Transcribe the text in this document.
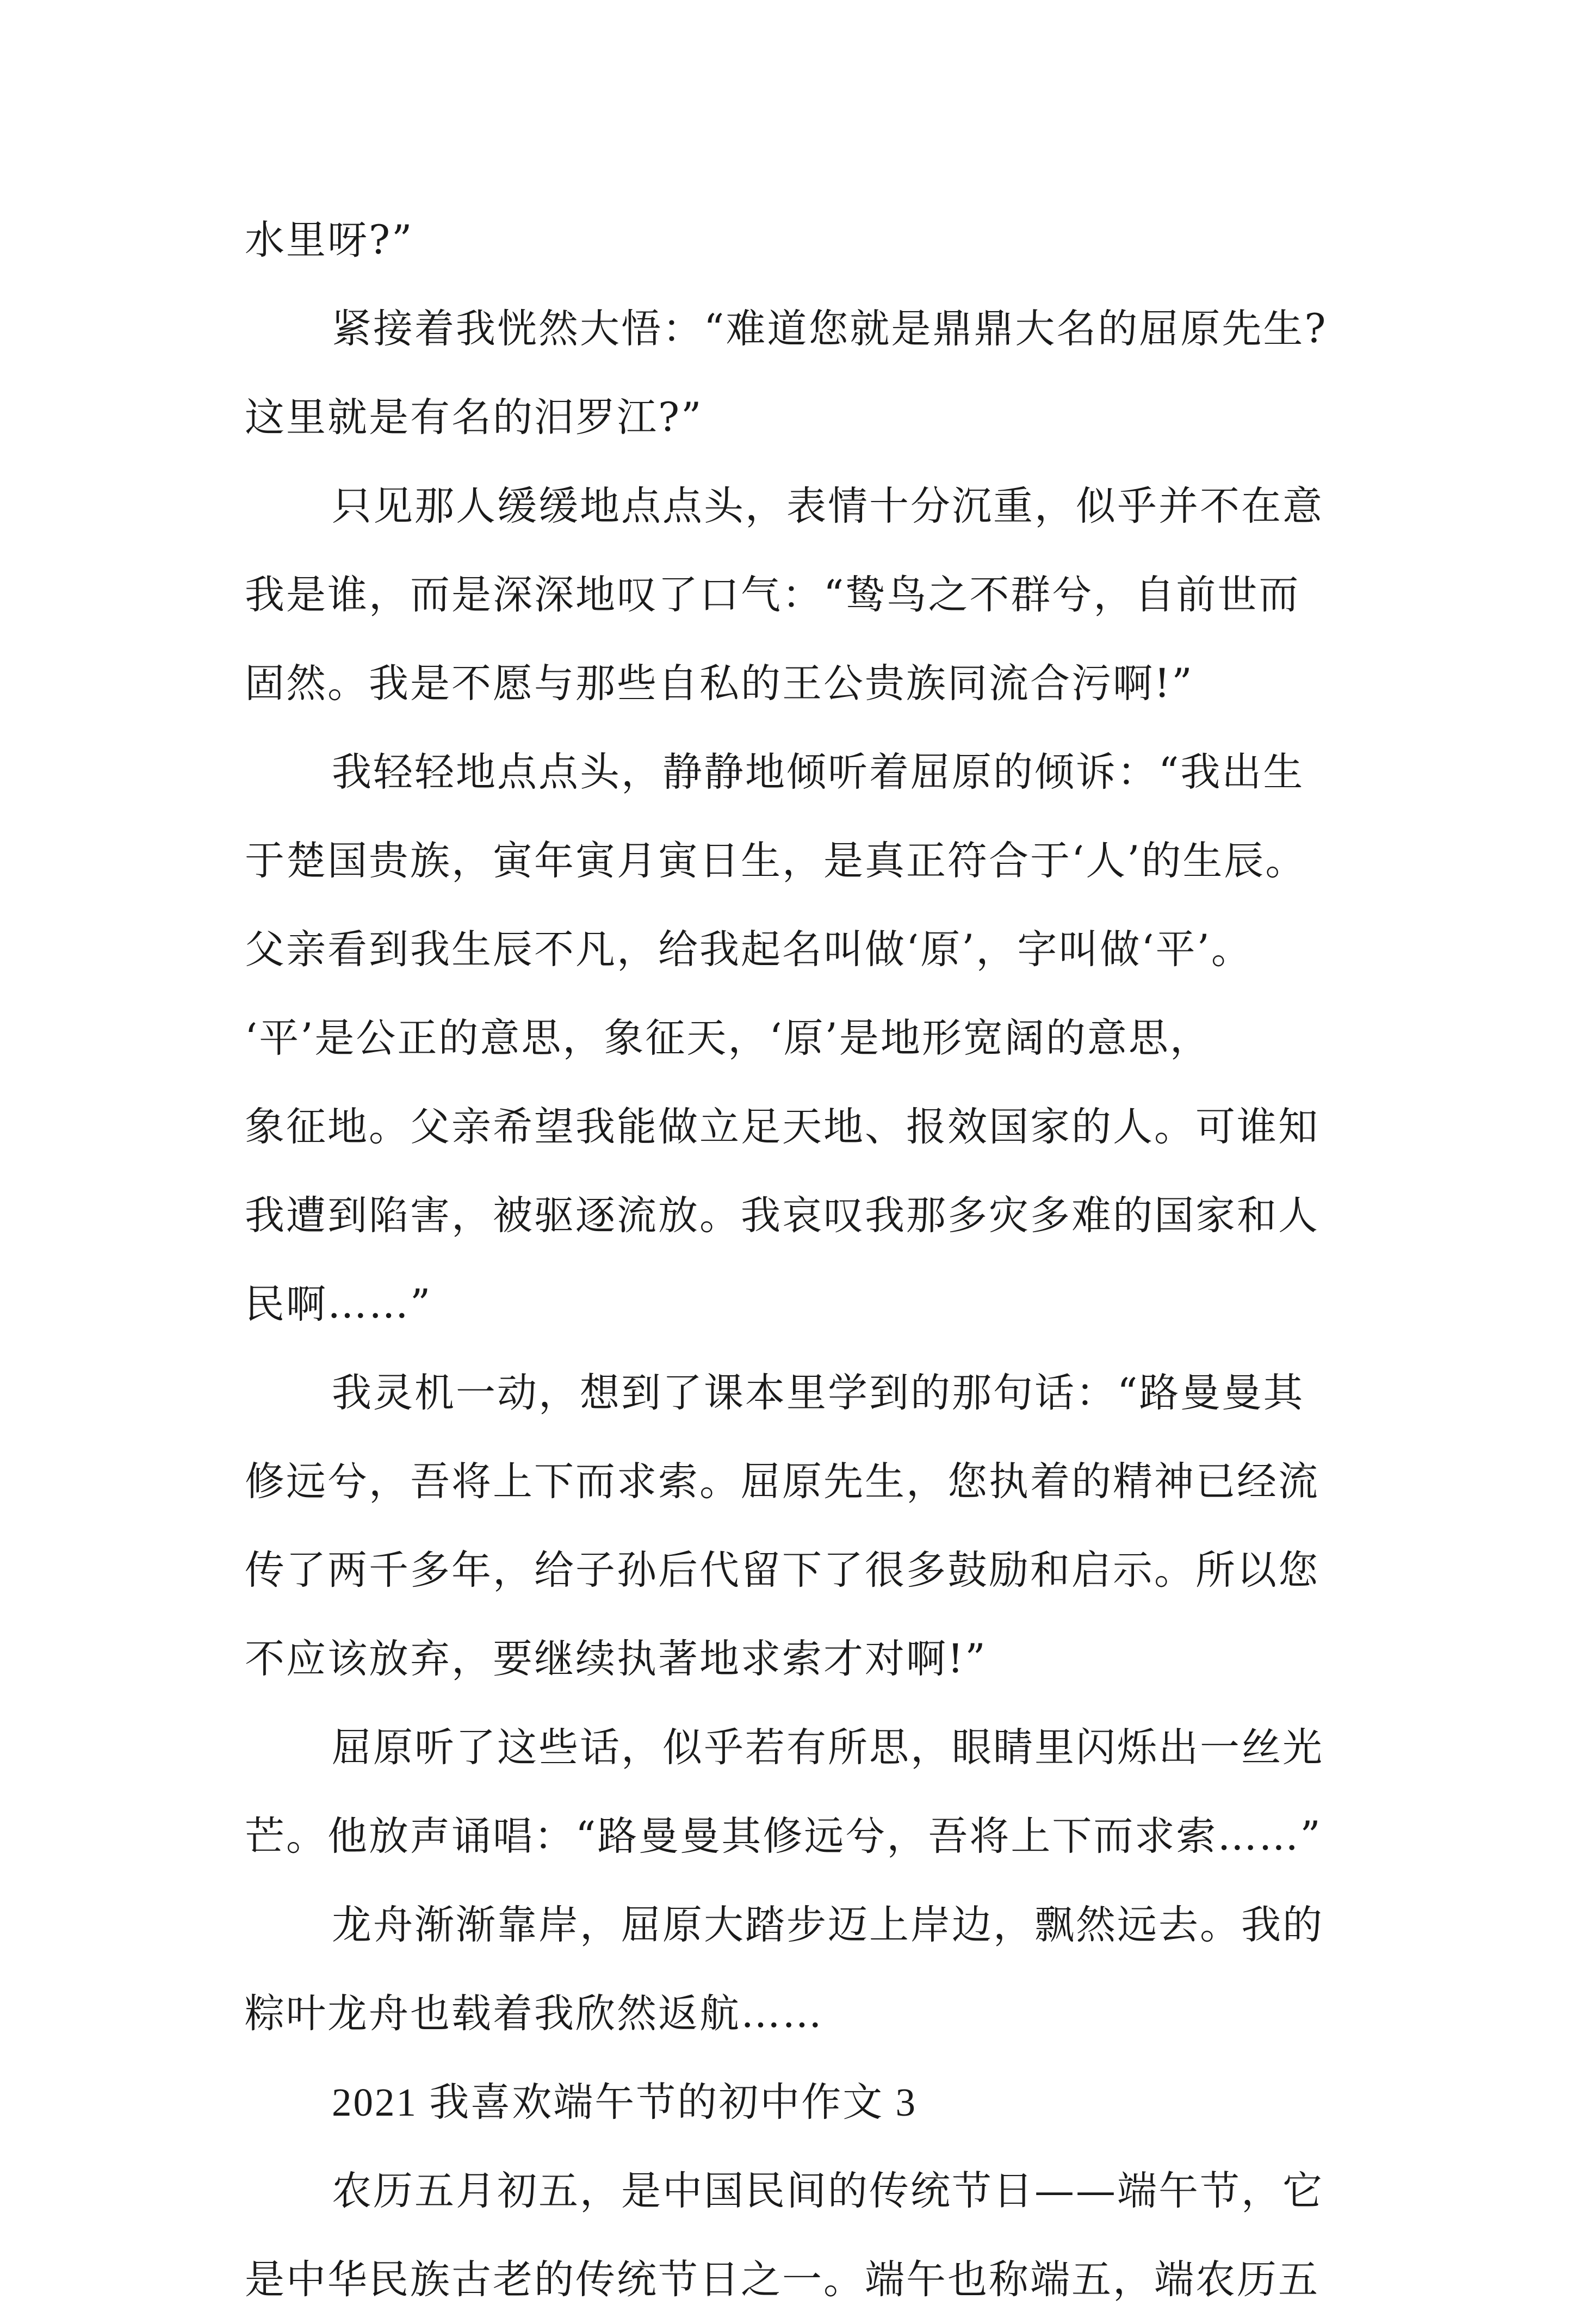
水里呀?”
紧接着我恍然大悟：“难道您就是鼎鼎大名的屈原先生?
这里就是有名的汨罗江?”
只见那人缓缓地点点头，表情十分沉重，似乎并不在意
我是谁，而是深深地叹了口气：“鸷鸟之不群兮，自前世而
固然。我是不愿与那些自私的王公贵族同流合污啊!”
我轻轻地点点头，静静地倾听着屈原的倾诉：“我出生
于楚国贵族，寅年寅月寅日生，是真正符合于‘人’的生辰。
父亲看到我生辰不凡，给我起名叫做‘原’，字叫做‘平’。
‘平’是公正的意思，象征天，‘原’是地形宽阔的意思，
象征地。父亲希望我能做立足天地、报效国家的人。可谁知
我遭到陷害，被驱逐流放。我哀叹我那多灾多难的国家和人
民啊……”
我灵机一动，想到了课本里学到的那句话：“路曼曼其
修远兮，吾将上下而求索。屈原先生，您执着的精神已经流
传了两千多年，给子孙后代留下了很多鼓励和启示。所以您
不应该放弃，要继续执著地求索才对啊!”
屈原听了这些话，似乎若有所思，眼睛里闪烁出一丝光
芒。他放声诵唱：“路曼曼其修远兮，吾将上下而求索……”
龙舟渐渐靠岸，屈原大踏步迈上岸边，飘然远去。我的
粽叶龙舟也载着我欣然返航……
2021 我喜欢端午节的初中作文 3
农历五月初五，是中国民间的传统节日——端午节，它
是中华民族古老的传统节日之一。端午也称端五，端农历五
